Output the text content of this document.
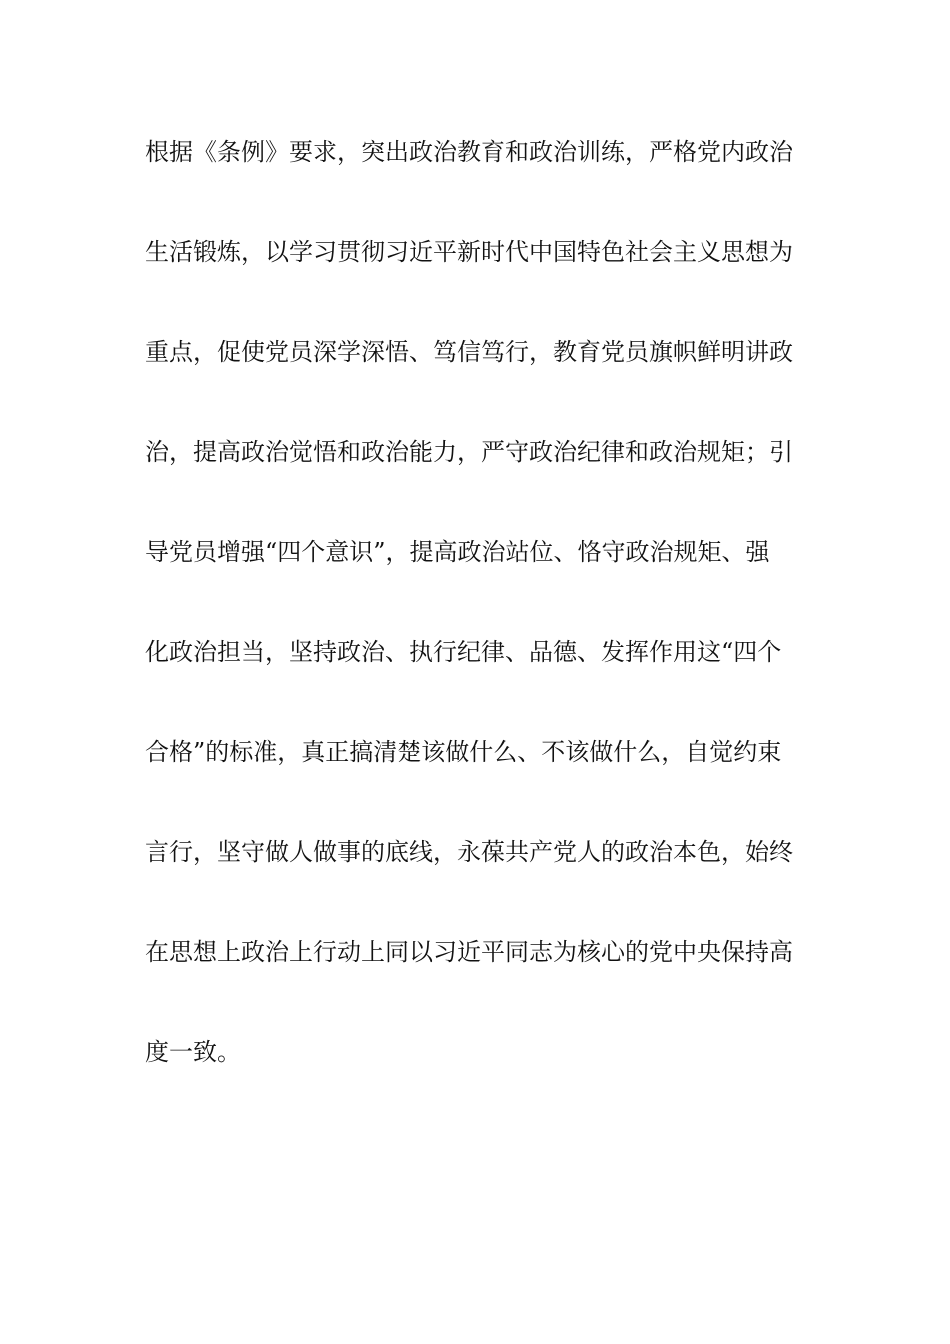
根据《条例》要求，突出政治教育和政治训练，严格党内政治
生活锻炼，以学习贯彻习近平新时代中国特色社会主义思想为
重点，促使党员深学深悟、笃信笃行，教育党员旗帜鲜明讲政
治，提高政治觉悟和政治能力，严守政治纪律和政治规矩；引
导党员增强“四个意识”，提高政治站位、恪守政治规矩、强
化政治担当，坚持政治、执行纪律、品德、发挥作用这“四个
合格”的标准，真正搞清楚该做什么、不该做什么，自觉约束
言行，坚守做人做事的底线，永葆共产党人的政治本色，始终
在思想上政治上行动上同以习近平同志为核心的党中央保持高
度一致。
